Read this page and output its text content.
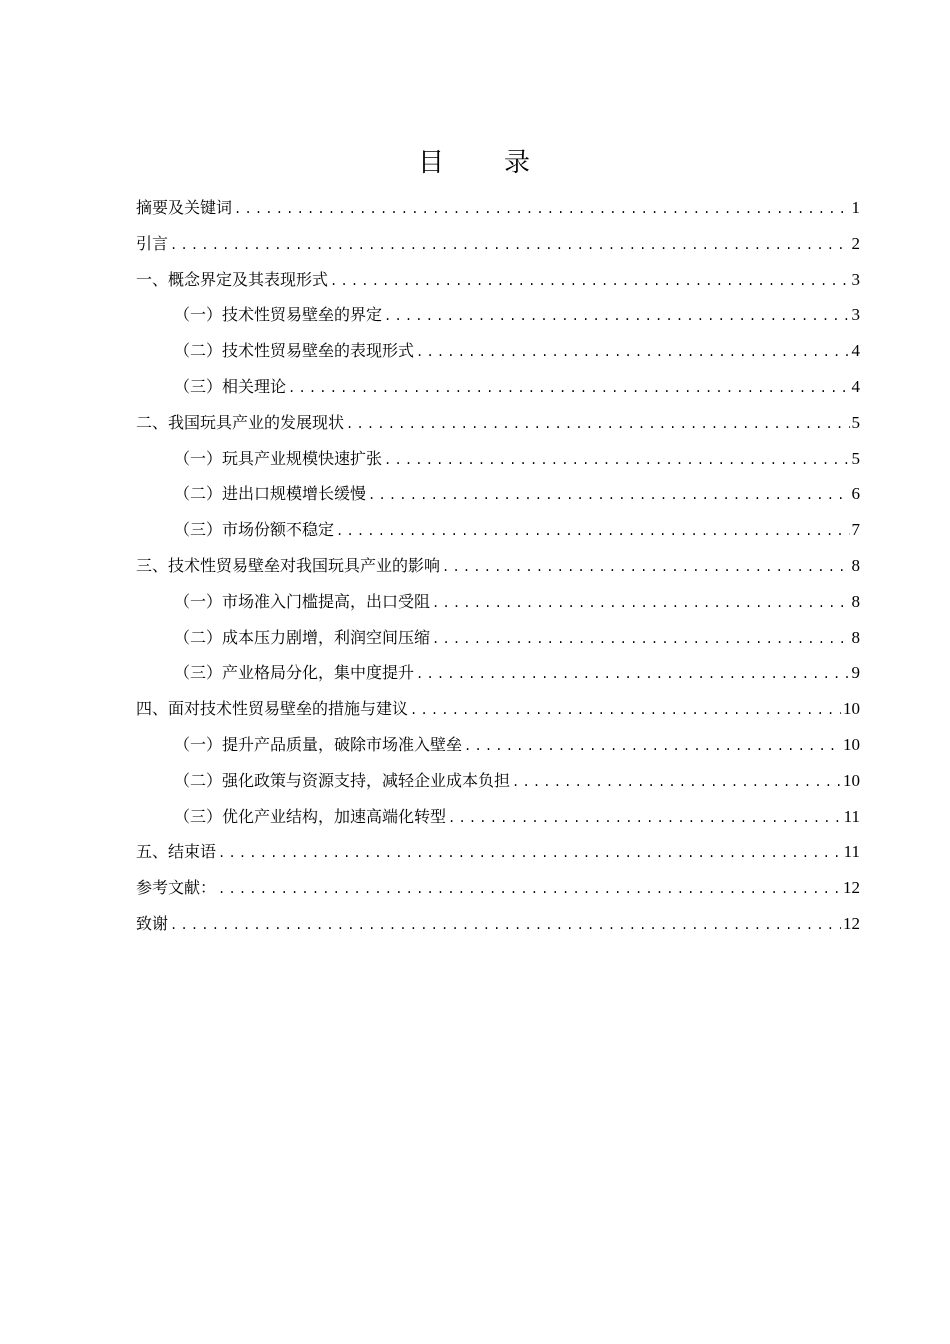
目 录
摘要及关键词 .....	1
引言 .....	2
一、概念界定及其表现形式 .....	3
（一）技术性贸易壁垒的界定 .....	3
（二）技术性贸易壁垒的表现形式 .....	4
（三）相关理论 .....	4
二、我国玩具产业的发展现状 .....	5
（一）玩具产业规模快速扩张 .....	5
（二）进出口规模增长缓慢 .....	6
（三）市场份额不稳定 .....	7
三、技术性贸易壁垒对我国玩具产业的影响 .....	8
（一）市场准入门槛提高，出口受阻 .....	8
（二）成本压力剧增，利润空间压缩 .....	8
（三）产业格局分化，集中度提升 .....	9
四、面对技术性贸易壁垒的措施与建议 .....	10
（一）提升产品质量，破除市场准入壁垒 .....	10
（二）强化政策与资源支持，减轻企业成本负担 .....	10
（三）优化产业结构，加速高端化转型 .....	11
五、结束语 .....	11
参考文献： .....	12
致谢 .....	12
